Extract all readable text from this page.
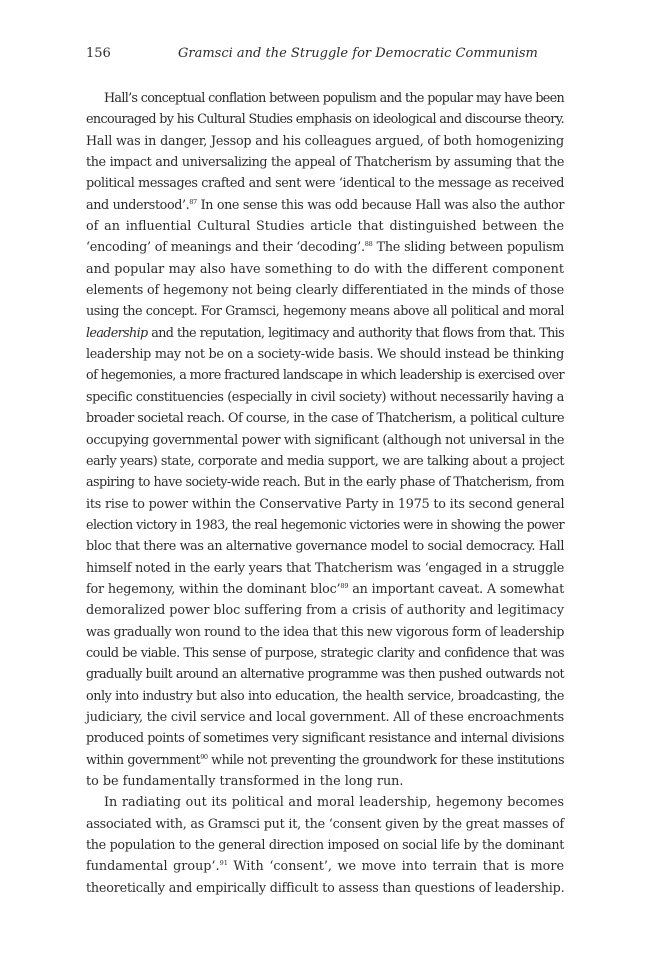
156	Gramsci and the Struggle for Democratic Communism
Hall’s conceptual conflation between populism and the popular may have been
encouraged by his Cultural Studies emphasis on ideological and discourse theory.
Hall was in danger, Jessop and his colleagues argued, of both homogenizing
the impact and universalizing the appeal of Thatcherism by assuming that the
political messages crafted and sent were ‘identical to the message as received
and understood’.$^{87}$ In one sense this was odd because Hall was also the author
of an influential Cultural Studies article that distinguished between the
‘encoding’ of meanings and their ‘decoding’.$^{88}$ The sliding between populism
and popular may also have something to do with the different component
elements of hegemony not being clearly differentiated in the minds of those
using the concept. For Gramsci, hegemony means above all political and moral
leadership and the reputation, legitimacy and authority that flows from that. This
leadership may not be on a society-wide basis. We should instead be thinking
of hegemonies, a more fractured landscape in which leadership is exercised over
specific constituencies (especially in civil society) without necessarily having a
broader societal reach. Of course, in the case of Thatcherism, a political culture
occupying governmental power with significant (although not universal in the
early years) state, corporate and media support, we are talking about a project
aspiring to have society-wide reach. But in the early phase of Thatcherism, from
its rise to power within the Conservative Party in 1975 to its second general
election victory in 1983, the real hegemonic victories were in showing the power
bloc that there was an alternative governance model to social democracy. Hall
himself noted in the early years that Thatcherism was ‘engaged in a struggle
for hegemony, within the dominant bloc’$^{89}$ an important caveat. A somewhat
demoralized power bloc suffering from a crisis of authority and legitimacy
was gradually won round to the idea that this new vigorous form of leadership
could be viable. This sense of purpose, strategic clarity and confidence that was
gradually built around an alternative programme was then pushed outwards not
only into industry but also into education, the health service, broadcasting, the
judiciary, the civil service and local government. All of these encroachments
produced points of sometimes very significant resistance and internal divisions
within government$^{90}$ while not preventing the groundwork for these institutions
to be fundamentally transformed in the long run.
In radiating out its political and moral leadership, hegemony becomes
associated with, as Gramsci put it, the ‘consent given by the great masses of
the population to the general direction imposed on social life by the dominant
fundamental group’.$^{91}$ With ‘consent’, we move into terrain that is more
theoretically and empirically difficult to assess than questions of leadership.
